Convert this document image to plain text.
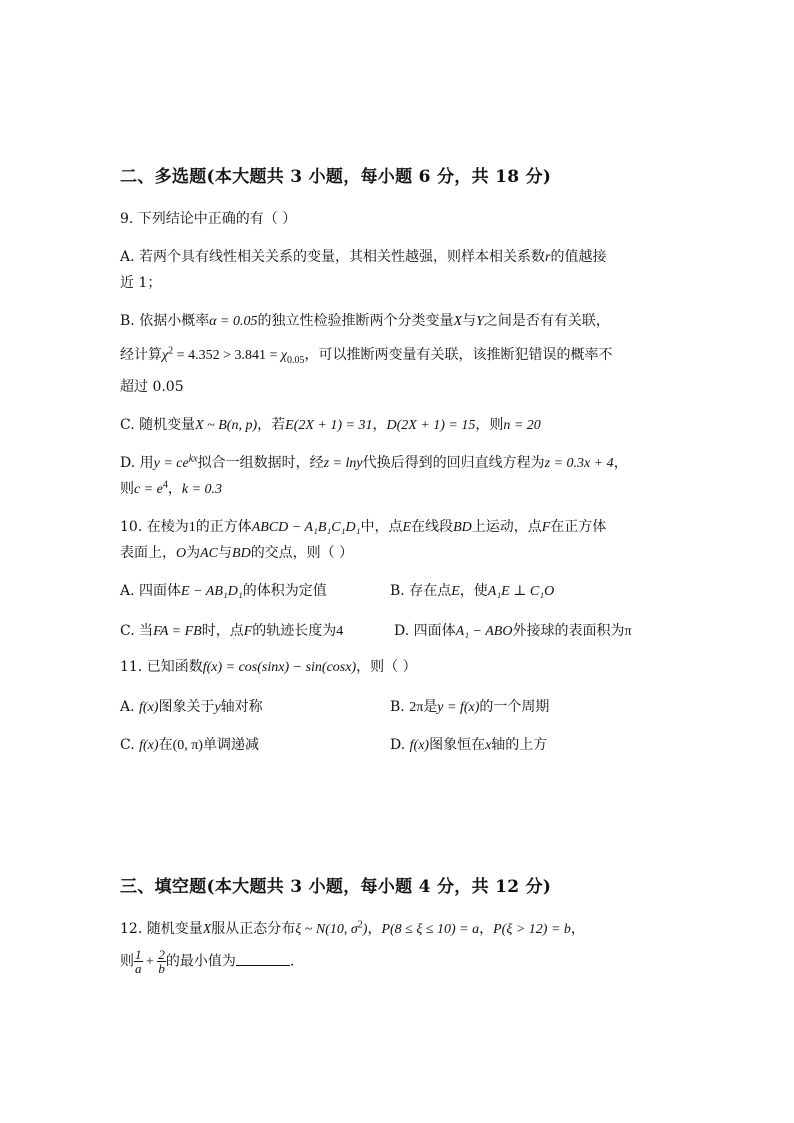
二、多选题(本大题共 3 小题，每小题 6 分，共 18 分)
9. 下列结论中正确的有（ ）
A. 若两个具有线性相关关系的变量，其相关性越强，则样本相关系数r的值越接
近 1；
B. 依据小概率α = 0.05的独立性检验推断两个分类变量X与Y之间是否有有关联，
经计算$\chi^2 = 4.352 > 3.841 = \chi_{0.05}$，可以推断两变量有关联，该推断犯错误的概率不
超过 0.05
C. 随机变量X ~ B(n, p)，若E(2X + 1) = 31，D(2X + 1) = 15，则n = 20
D. 用$y = ce^{kx}$拟合一组数据时，经z = lny代换后得到的回归直线方程为z = 0.3x + 4，
则$c = e^4$，k = 0.3
10. 在棱为1的正方体ABCD − A₁B₁C₁D₁中，点E在线段BD上运动，点F在正方体
表面上，O为AC与BD的交点，则（ ）
A. 四面体E − AB₁D₁的体积为定值	B. 存在点E，使A₁E ⊥ C₁O
C. 当FA = FB时，点F的轨迹长度为4	D. 四面体A₁ − ABO外接球的表面积为π
11. 已知函数f(x) = cos(sinx) − sin(cosx)，则（ ）
A. f(x)图象关于y轴对称	B. 2π是y = f(x)的一个周期
C. f(x)在(0, π)单调递减	D. f(x)图象恒在x轴的上方
三、填空题(本大题共 3 小题，每小题 4 分，共 12 分)
12. 随机变量X服从正态分布ξ ~ N(10, $\sigma^2$)，P(8 ≤ ξ ≤ 10) = a，P(ξ > 12) = b，
则 $\frac{1}{a} + \frac{2}{b}$ 的最小值为	.
